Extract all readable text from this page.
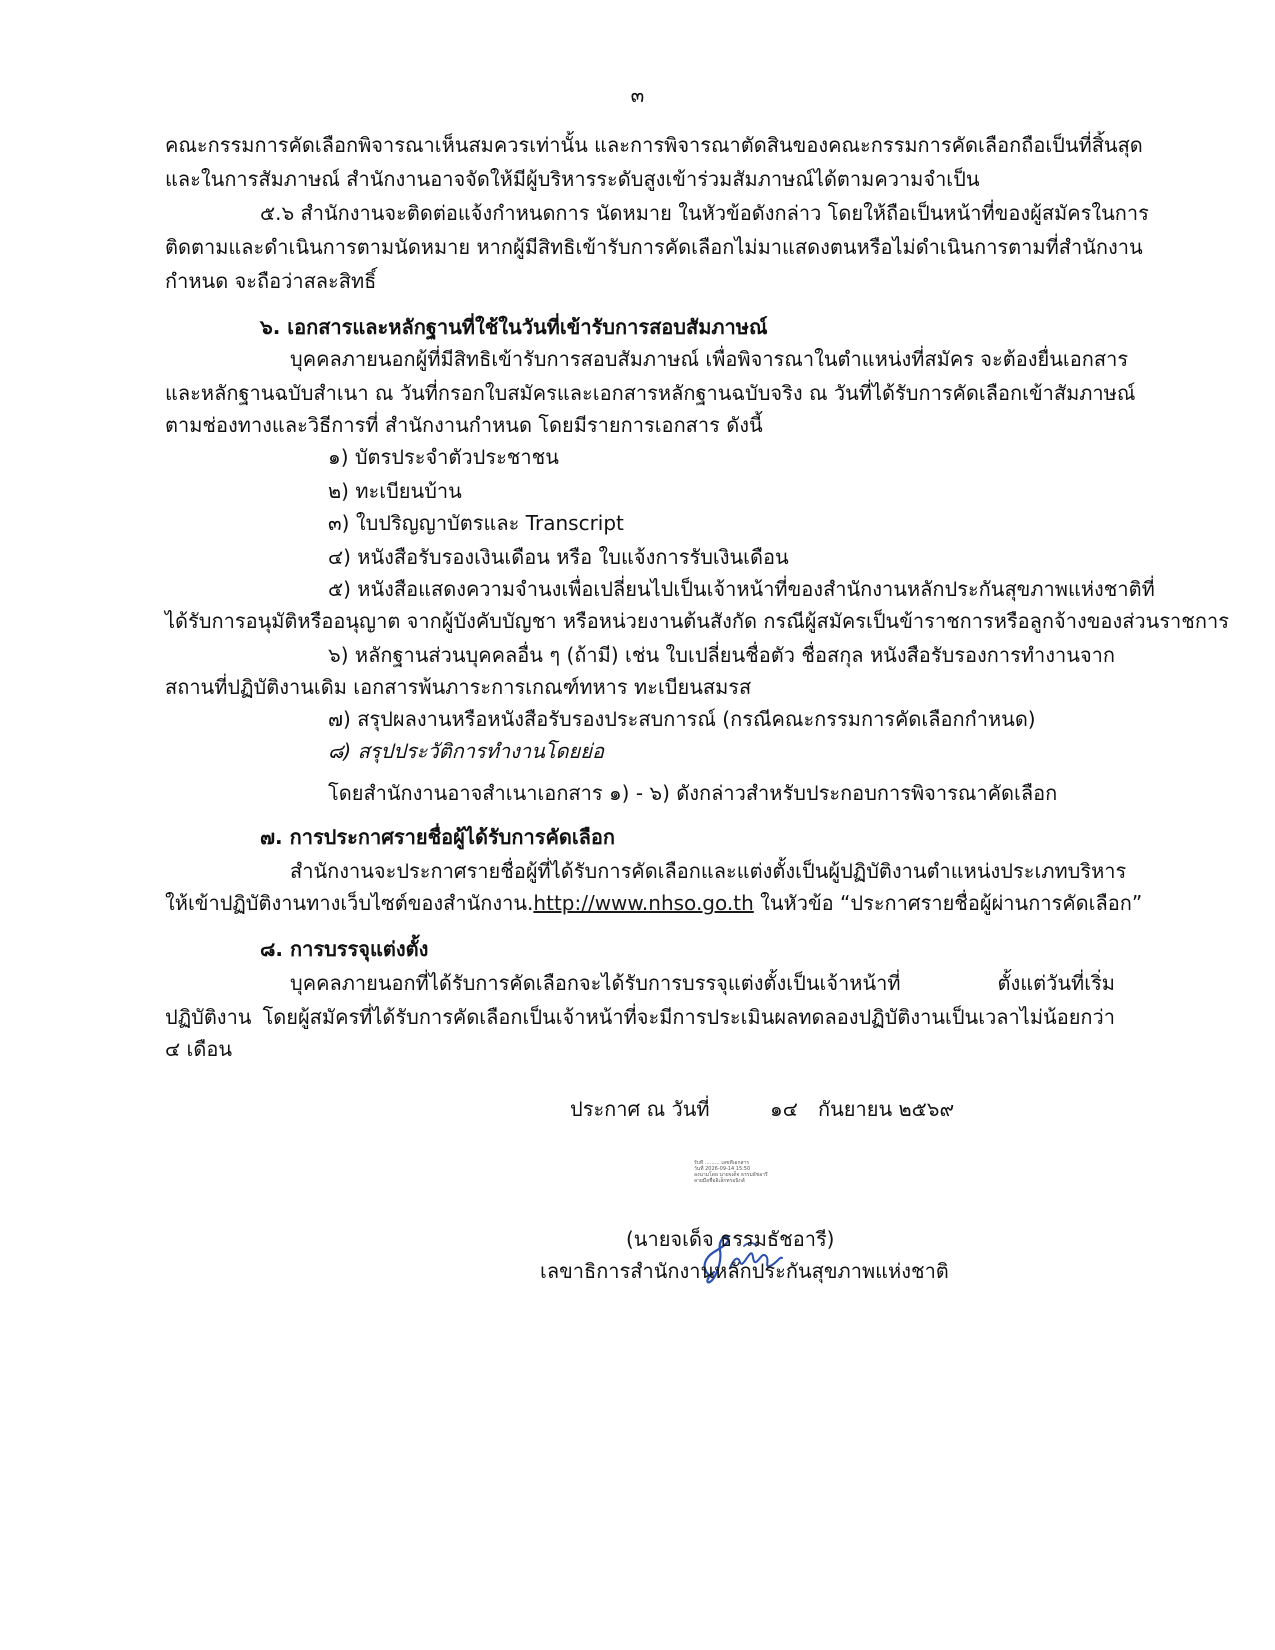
๓
คณะกรรมการคัดเลือกพิจารณาเห็นสมควรเท่านั้น และการพิจารณาตัดสินของคณะกรรมการคัดเลือกถือเป็นที่สิ้นสุด
และในการสัมภาษณ์ สำนักงานอาจจัดให้มีผู้บริหารระดับสูงเข้าร่วมสัมภาษณ์ได้ตามความจำเป็น
๕.๖ สำนักงานจะติดต่อแจ้งกำหนดการ นัดหมาย ในหัวข้อดังกล่าว โดยให้ถือเป็นหน้าที่ของผู้สมัครในการ
ติดตามและดำเนินการตามนัดหมาย หากผู้มีสิทธิเข้ารับการคัดเลือกไม่มาแสดงตนหรือไม่ดำเนินการตามที่สำนักงาน
กำหนด จะถือว่าสละสิทธิ์
๖. เอกสารและหลักฐานที่ใช้ในวันที่เข้ารับการสอบสัมภาษณ์
บุคคลภายนอกผู้ที่มีสิทธิเข้ารับการสอบสัมภาษณ์ เพื่อพิจารณาในตำแหน่งที่สมัคร จะต้องยื่นเอกสาร
และหลักฐานฉบับสำเนา ณ วันที่กรอกใบสมัครและเอกสารหลักฐานฉบับจริง ณ วันที่ได้รับการคัดเลือกเข้าสัมภาษณ์
ตามช่องทางและวิธีการที่ สำนักงานกำหนด โดยมีรายการเอกสาร ดังนี้
๑) บัตรประจำตัวประชาชน
๒) ทะเบียนบ้าน
๓) ใบปริญญาบัตรและ Transcript
๔) หนังสือรับรองเงินเดือน หรือ ใบแจ้งการรับเงินเดือน
๕) หนังสือแสดงความจำนงเพื่อเปลี่ยนไปเป็นเจ้าหน้าที่ของสำนักงานหลักประกันสุขภาพแห่งชาติที่
ได้รับการอนุมัติหรืออนุญาต จากผู้บังคับบัญชา หรือหน่วยงานต้นสังกัด กรณีผู้สมัครเป็นข้าราชการหรือลูกจ้างของส่วนราชการ
๖) หลักฐานส่วนบุคคลอื่น ๆ (ถ้ามี) เช่น ใบเปลี่ยนชื่อตัว ชื่อสกุล หนังสือรับรองการทำงานจาก
สถานที่ปฏิบัติงานเดิม เอกสารพ้นภาระการเกณฑ์ทหาร ทะเบียนสมรส
๗) สรุปผลงานหรือหนังสือรับรองประสบการณ์ (กรณีคณะกรรมการคัดเลือกกำหนด)
๘) สรุปประวัติการทำงานโดยย่อ
โดยสำนักงานอาจสำเนาเอกสาร ๑) - ๖) ดังกล่าวสำหรับประกอบการพิจารณาคัดเลือก
๗. การประกาศรายชื่อผู้ได้รับการคัดเลือก
สำนักงานจะประกาศรายชื่อผู้ที่ได้รับการคัดเลือกและแต่งตั้งเป็นผู้ปฏิบัติงานตำแหน่งประเภทบริหาร
ให้เข้าปฏิบัติงานทางเว็บไซต์ของสำนักงาน.http://www.nhso.go.th ในหัวข้อ “ประกาศรายชื่อผู้ผ่านการคัดเลือก”
๘. การบรรจุแต่งตั้ง
บุคคลภายนอกที่ได้รับการคัดเลือกจะได้รับการบรรจุแต่งตั้งเป็นเจ้าหน้าที่ ตั้งแต่วันที่เริ่ม
ปฏิบัติงาน โดยผู้สมัครที่ได้รับการคัดเลือกเป็นเจ้าหน้าที่จะมีการประเมินผลทดลองปฏิบัติงานเป็นเวลาไม่น้อยกว่า
๔ เดือน
ประกาศ ณ วันที่	๑๔ กันยายน ๒๕๖๙
รับที่ ……… เลขที่เอกสาร
วันที่ 2026-09-14 15:50
ลงนามโดย นายจเด็จ ธรรมธัชอารี
ลายมือชื่ออิเล็กทรอนิกส์
(นายจเด็จ ธรรมธัชอารี)
เลขาธิการสำนักงานหลักประกันสุขภาพแห่งชาติ
